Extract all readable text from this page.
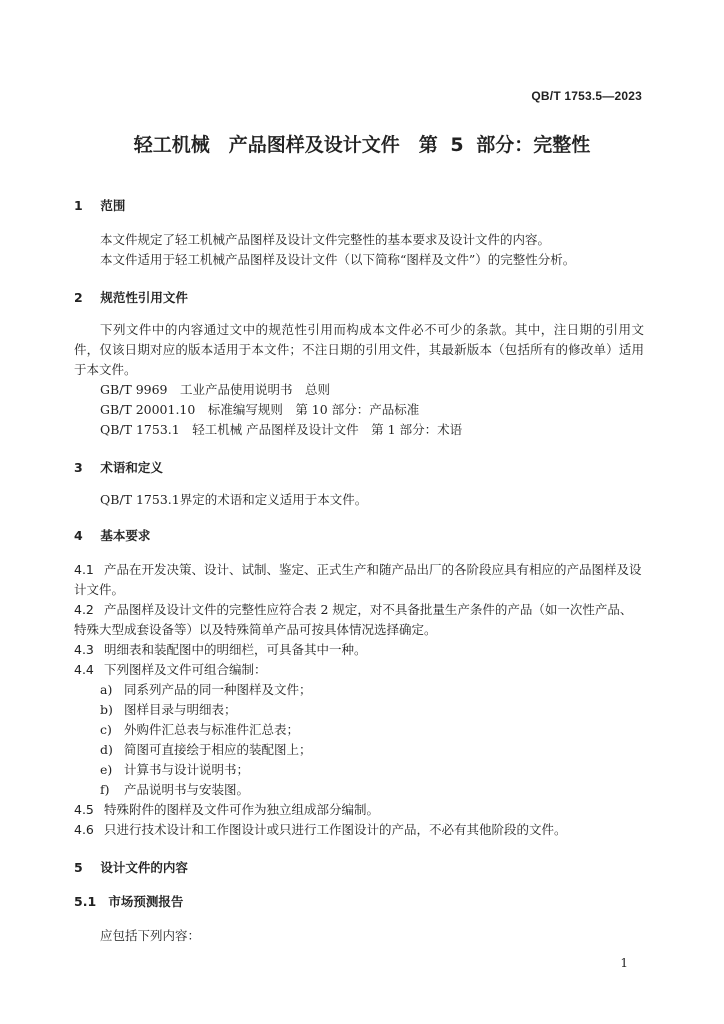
QB/T 1753.5—2023
轻工机械　产品图样及设计文件　第 5 部分：完整性
1 范围
本文件规定了轻工机械产品图样及设计文件完整性的基本要求及设计文件的内容。
本文件适用于轻工机械产品图样及设计文件（以下简称“图样及文件”）的完整性分析。
2 规范性引用文件
下列文件中的内容通过文中的规范性引用而构成本文件必不可少的条款。其中，注日期的引用文件，仅该日期对应的版本适用于本文件；不注日期的引用文件，其最新版本（包括所有的修改单）适用于本文件。
GB/T 9969　工业产品使用说明书　总则
GB/T 20001.10　标准编写规则　第 10 部分：产品标准
QB/T 1753.1　轻工机械 产品图样及设计文件　第 1 部分：术语
3 术语和定义
QB/T 1753.1界定的术语和定义适用于本文件。
4 基本要求
4.1 产品在开发决策、设计、试制、鉴定、正式生产和随产品出厂的各阶段应具有相应的产品图样及设计文件。
4.2 产品图样及设计文件的完整性应符合表 2 规定，对不具备批量生产条件的产品（如一次性产品、特殊大型成套设备等）以及特殊简单产品可按具体情况选择确定。
4.3 明细表和装配图中的明细栏，可具备其中一种。
4.4 下列图样及文件可组合编制：
a) 同系列产品的同一种图样及文件；
b) 图样目录与明细表；
c) 外购件汇总表与标准件汇总表；
d) 简图可直接绘于相应的装配图上；
e) 计算书与设计说明书；
f) 产品说明书与安装图。
4.5 特殊附件的图样及文件可作为独立组成部分编制。
4.6 只进行技术设计和工作图设计或只进行工作图设计的产品，不必有其他阶段的文件。
5 设计文件的内容
5.1 市场预测报告
应包括下列内容：
1
